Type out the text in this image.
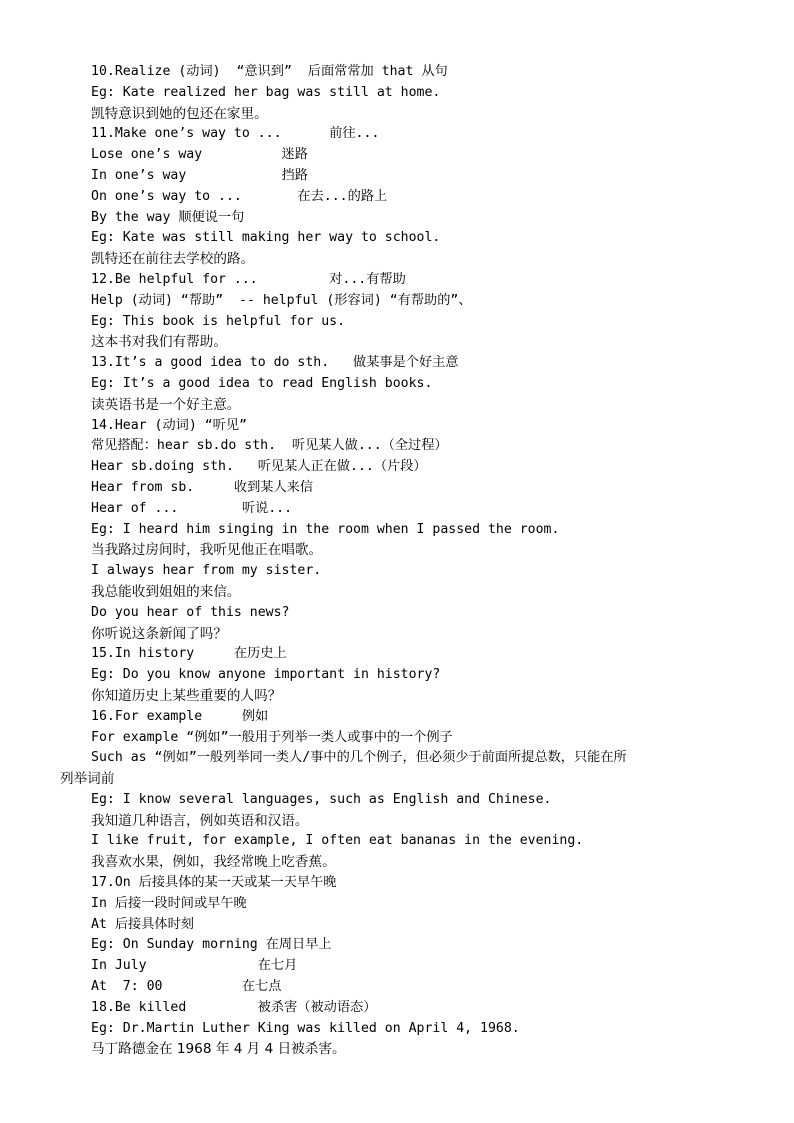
10.Realize (动词)  “意识到”  后面常常加 that 从句
Eg: Kate realized her bag was still at home.
凯特意识到她的包还在家里。
11.Make one’s way to ...      前往...
Lose one’s way          迷路
In one’s way            挡路
On one’s way to ...       在去...的路上
By the way 顺便说一句
Eg: Kate was still making her way to school.
凯特还在前往去学校的路。
12.Be helpful for ...         对...有帮助
Help (动词) “帮助”  -- helpful (形容词) “有帮助的”、
Eg: This book is helpful for us.
这本书对我们有帮助。
13.It’s a good idea to do sth.   做某事是个好主意
Eg: It’s a good idea to read English books.
读英语书是一个好主意。
14.Hear (动词) “听见”
常见搭配：hear sb.do sth.  听见某人做...（全过程）
Hear sb.doing sth.   听见某人正在做...（片段）
Hear from sb.     收到某人来信
Hear of ...        听说...
Eg: I heard him singing in the room when I passed the room.
当我路过房间时，我听见他正在唱歌。
I always hear from my sister.
我总能收到姐姐的来信。
Do you hear of this news?
你听说这条新闻了吗？
15.In history     在历史上
Eg: Do you know anyone important in history?
你知道历史上某些重要的人吗？
16.For example     例如
For example “例如”一般用于列举一类人或事中的一个例子
Such as “例如”一般列举同一类人/事中的几个例子，但必须少于前面所提总数，只能在所
列举词前
Eg: I know several languages, such as English and Chinese.
我知道几种语言，例如英语和汉语。
I like fruit, for example, I often eat bananas in the evening.
我喜欢水果，例如，我经常晚上吃香蕉。
17.On 后接具体的某一天或某一天早午晚
In 后接一段时间或早午晚
At 后接具体时刻
Eg: On Sunday morning 在周日早上
In July              在七月
At  7: 00          在七点
18.Be killed         被杀害（被动语态）
Eg: Dr.Martin Luther King was killed on April 4, 1968.
马丁路德金在 1968 年 4 月 4 日被杀害。
